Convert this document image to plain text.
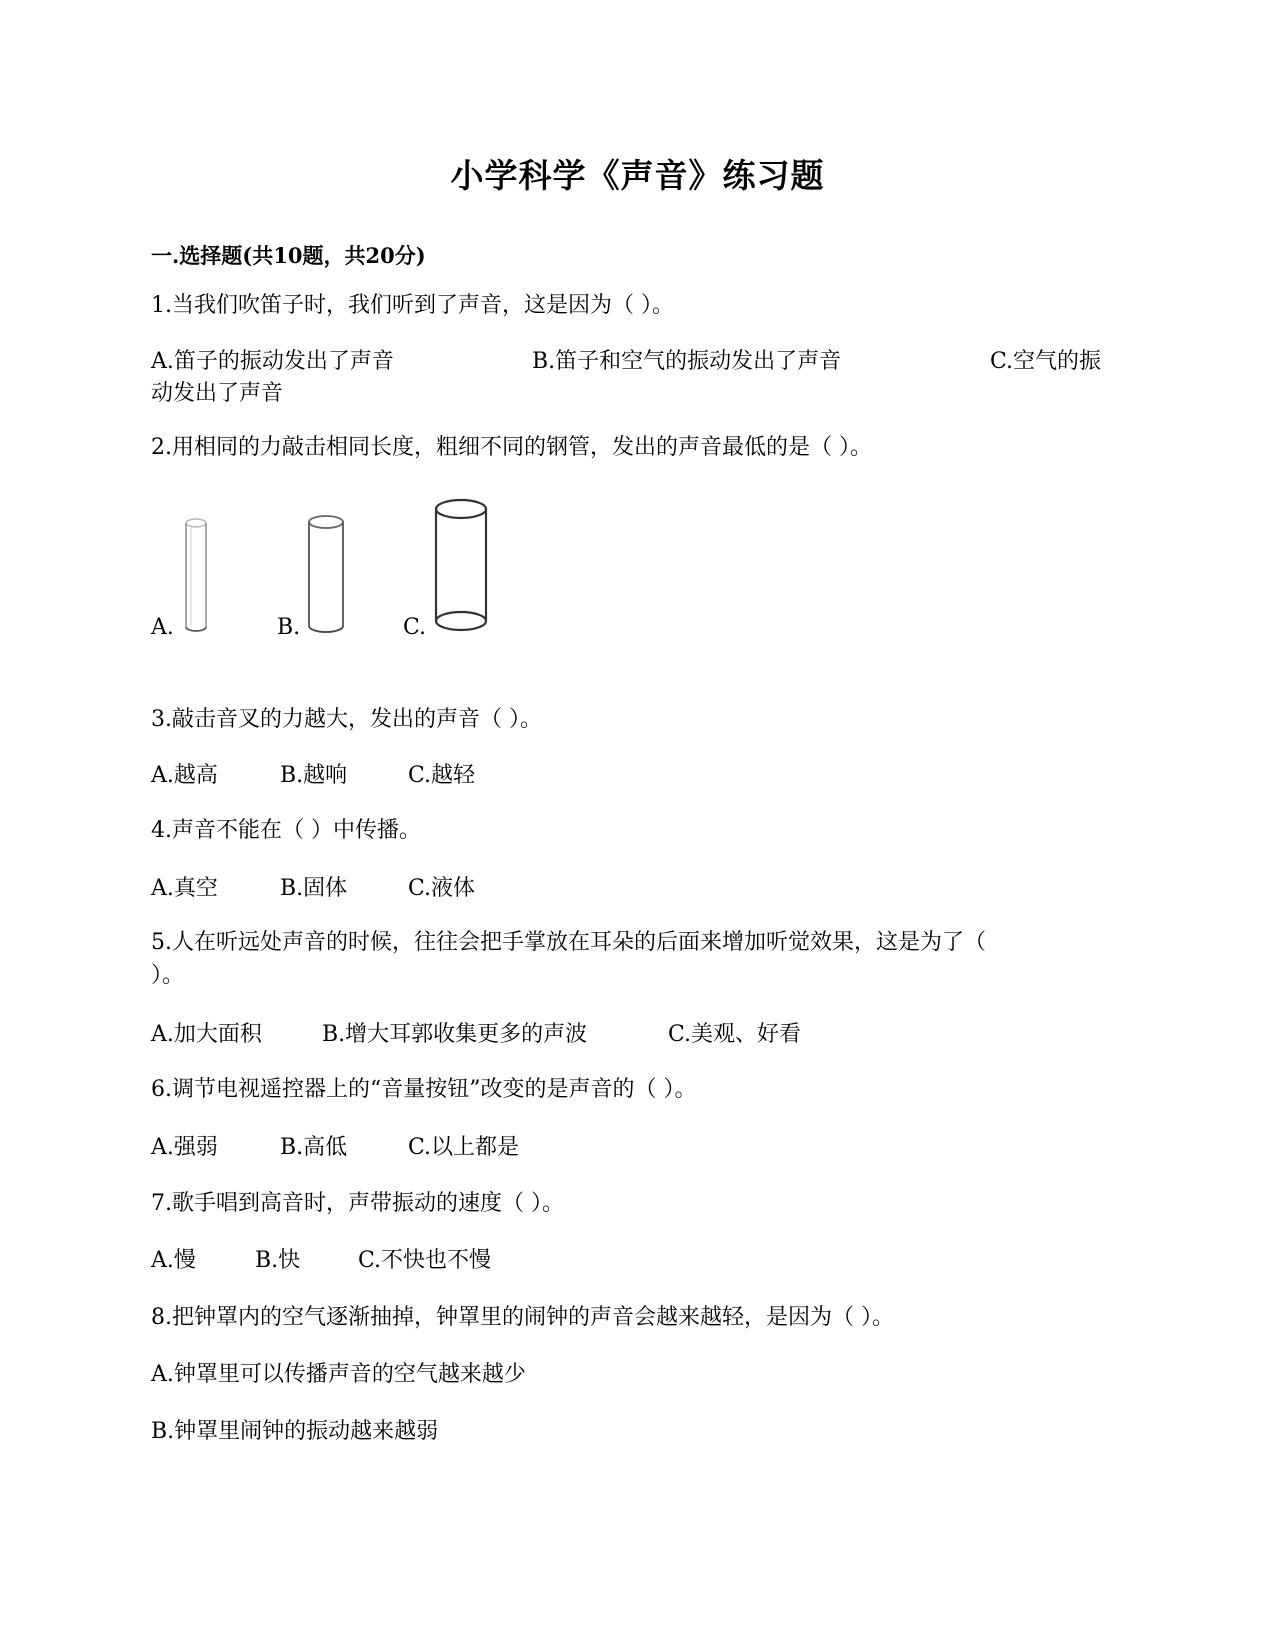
小学科学《声音》练习题
一.选择题(共10题，共20分)
1.当我们吹笛子时，我们听到了声音，这是因为（ ）。
A.笛子的振动发出了声音	B.笛子和空气的振动发出了声音	C.空气的振
动发出了声音
2.用相同的力敲击相同长度，粗细不同的钢管，发出的声音最低的是（ ）。
A.	B.	C.
3.敲击音叉的力越大，发出的声音（ ）。
A.越高	B.越响	C.越轻
4.声音不能在（ ）中传播。
A.真空	B.固体	C.液体
5.人在听远处声音的时候，往往会把手掌放在耳朵的后面来增加听觉效果，这是为了（
）。
A.加大面积	B.增大耳郭收集更多的声波	C.美观、好看
6.调节电视遥控器上的“音量按钮”改变的是声音的（ ）。
A.强弱	B.高低	C.以上都是
7.歌手唱到高音时，声带振动的速度（ ）。
A.慢	B.快	C.不快也不慢
8.把钟罩内的空气逐渐抽掉，钟罩里的闹钟的声音会越来越轻，是因为（ ）。
A.钟罩里可以传播声音的空气越来越少
B.钟罩里闹钟的振动越来越弱
